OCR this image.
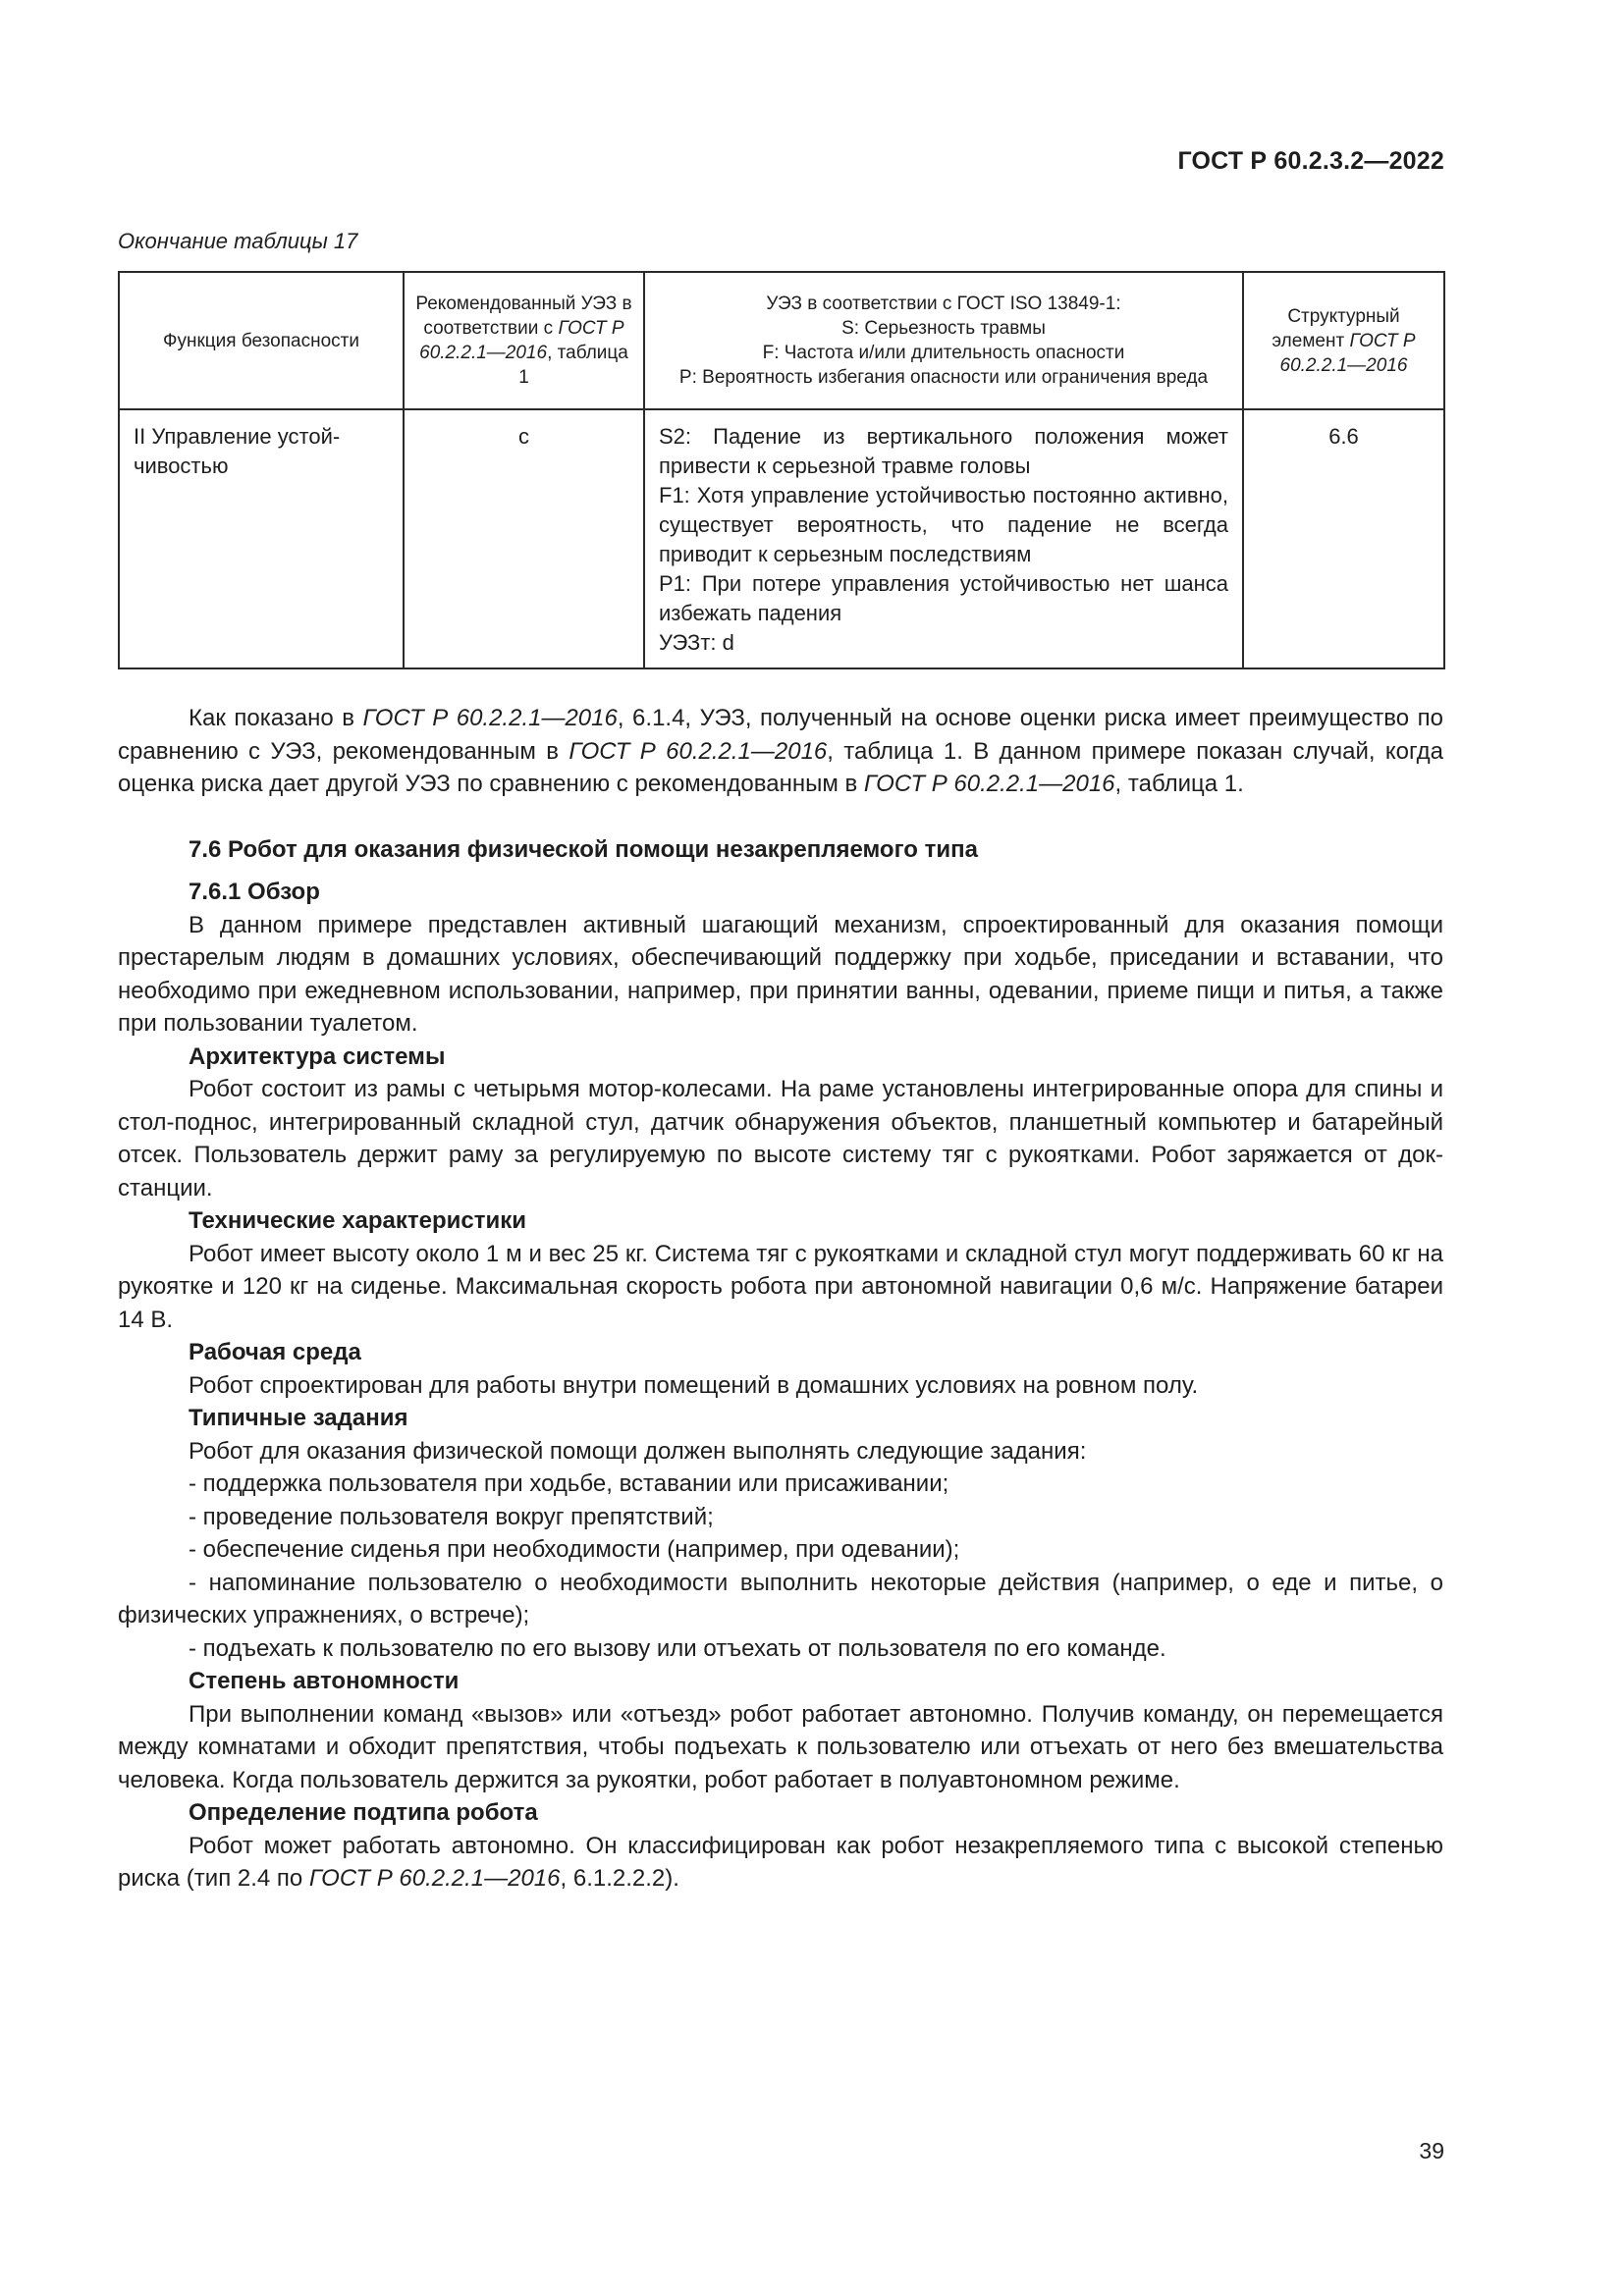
ГОСТ Р 60.2.3.2—2022
Окончание таблицы 17
Функция безопасности	Рекомендованный УЭЗ в соответствии с ГОСТ Р 60.2.2.1—2016, таблица 1	УЭЗ в соответствии с ГОСТ ISO 13849-1:
S: Серьезность травмы
F: Частота и/или длительность опасности
P: Вероятность избегания опасности или ограничения вреда	Структурный элемент ГОСТ Р 60.2.2.1—2016
II Управление устойчивостью	c	S2: Падение из вертикального положения может привести к серьезной травме головы
F1: Хотя управление устойчивостью постоянно активно, существует вероятность, что падение не всегда приводит к серьезным последствиям
P1: При потере управления устойчивостью нет шанса избежать падения
УЭЗт: d	6.6

Как показано в ГОСТ Р 60.2.2.1—2016, 6.1.4, УЭЗ, полученный на основе оценки риска имеет преимущество по сравнению с УЭЗ, рекомендованным в ГОСТ Р 60.2.2.1—2016, таблица 1. В данном примере показан случай, когда оценка риска дает другой УЭЗ по сравнению с рекомендованным в ГОСТ Р 60.2.2.1—2016, таблица 1.

7.6 Робот для оказания физической помощи незакрепляемого типа
7.6.1 Обзор

В данном примере представлен активный шагающий механизм, спроектированный для оказания помощи престарелым людям в домашних условиях, обеспечивающий поддержку при ходьбе, приседании и вставании, что необходимо при ежедневном использовании, например, при принятии ванны, одевании, приеме пищи и питья, а также при пользовании туалетом.

Архитектура системы

Робот состоит из рамы с четырьмя мотор-колесами. На раме установлены интегрированные опора для спины и стол-поднос, интегрированный складной стул, датчик обнаружения объектов, планшетный компьютер и батарейный отсек. Пользователь держит раму за регулируемую по высоте систему тяг с рукоятками. Робот заряжается от док-станции.

Технические характеристики

Робот имеет высоту около 1 м и вес 25 кг. Система тяг с рукоятками и складной стул могут поддерживать 60 кг на рукоятке и 120 кг на сиденье. Максимальная скорость робота при автономной навигации 0,6 м/с. Напряжение батареи 14 В.

Рабочая среда

Робот спроектирован для работы внутри помещений в домашних условиях на ровном полу.

Типичные задания

Робот для оказания физической помощи должен выполнять следующие задания:

- поддержка пользователя при ходьбе, вставании или присаживании;

- проведение пользователя вокруг препятствий;

- обеспечение сиденья при необходимости (например, при одевании);

- напоминание пользователю о необходимости выполнить некоторые действия (например, о еде и питье, о физических упражнениях, о встрече);

- подъехать к пользователю по его вызову или отъехать от пользователя по его команде.

Степень автономности

При выполнении команд «вызов» или «отъезд» робот работает автономно. Получив команду, он перемещается между комнатами и обходит препятствия, чтобы подъехать к пользователю или отъехать от него без вмешательства человека. Когда пользователь держится за рукоятки, робот работает в полуавтономном режиме.

Определение подтипа робота

Робот может работать автономно. Он классифицирован как робот незакрепляемого типа с высокой степенью риска (тип 2.4 по ГОСТ Р 60.2.2.1—2016, 6.1.2.2.2).

39
